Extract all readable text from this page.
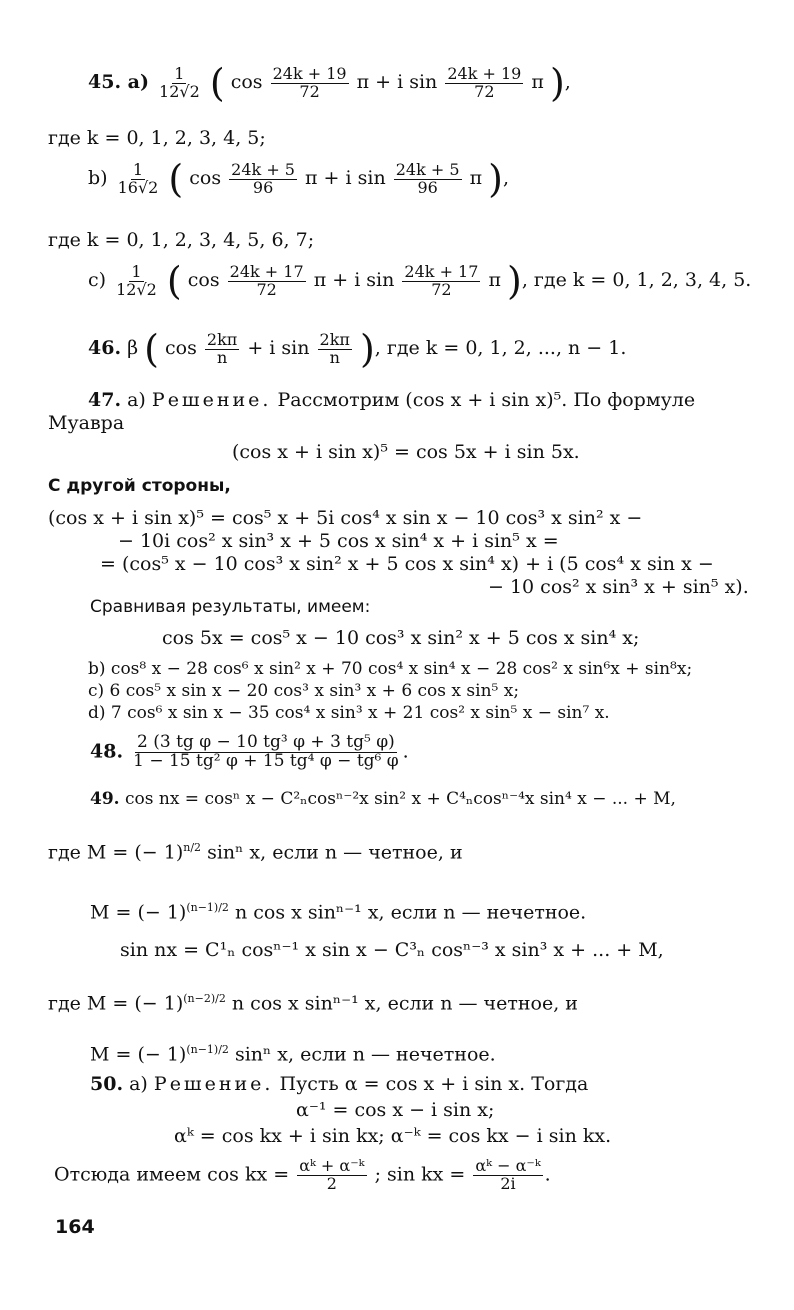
45. $a) \frac{1}{12√2}$ ( $\cos \frac{24k + 19}{72}$ π + i $\sin \frac{24k + 19}{72}$ π ),
где k = 0, 1, 2, 3, 4, 5;
$b) \frac{1}{16√2}$ ( $\cos \frac{24k + 5}{96}$ π + i $\sin \frac{24k + 5}{96}$ π ),
где k = 0, 1, 2, 3, 4, 5, 6, 7;
$c) \frac{1}{12√2}$ ( $\cos \frac{24k + 17}{72}$ π + i $\sin \frac{24k + 17}{72}$ π ), где k = 0, 1, 2, 3, 4, 5.
46. β ( $\cos \frac{2k\pi}{n} + i$ $\sin \frac{2k\pi}{n}$ ), где k = 0, 1, 2, ..., n − 1.
47. a) Решение. Рассмотрим (cos x + i sin x)⁵. По формуле
Муавра
(cos x + i sin x)⁵ = cos 5x + i sin 5x.
С другой стороны,
(cos x + i sin x)⁵ = cos⁵ x + 5i cos⁴ x sin x − 10 cos³ x sin² x −
− 10i cos² x sin³ x + 5 cos x sin⁴ x + i sin⁵ x =
= (cos⁵ x − 10 cos³ x sin² x + 5 cos x sin⁴ x) + i (5 cos⁴ x sin x −
− 10 cos² x sin³ x + sin⁵ x).
Сравнивая результаты, имеем:
cos 5x = cos⁵ x − 10 cos³ x sin² x + 5 cos x sin⁴ x;
b) cos⁸ x − 28 cos⁶ x sin² x + 70 cos⁴ x sin⁴ x − 28 cos² x sin⁶x + sin⁸x;
c) 6 cos⁵ x sin x − 20 cos³ x sin³ x + 6 cos x sin⁵ x;
d) 7 cos⁶ x sin x − 35 cos⁴ x sin³ x + 21 cos² x sin⁵ x − sin⁷ x.
48. $\frac{\text{2 (3 tg φ − 10 tg³ φ + 3 tg⁵ φ)}}{\text{1 − 15 tg² φ + 15 tg⁴ φ − tg⁶ φ}}$ .
49. cos nx = cosⁿ x − C²ₙcosⁿ⁻²x sin² x + C⁴ₙcosⁿ⁻⁴x sin⁴ x − ... + M,
где M = (− 1)$^{n/2}$ sinⁿ x, если n — четное, и
M = (− 1)$^{(n-1)/2}$ n cos x sinⁿ⁻¹ x, если n — нечетное.
sin nx = C¹ₙ cosⁿ⁻¹ x sin x − C³ₙ cosⁿ⁻³ x sin³ x + ... + M,
где M = (− 1)$^{(n-2)/2}$ n cos x sinⁿ⁻¹ x, если n — четное, и
M = (− 1)$^{(n-1)/2}$ sinⁿ x, если n — нечетное.
50. a) Решение. Пусть α = cos x + i sin x. Тогда
α⁻¹ = cos x − i sin x;
αᵏ = cos kx + i sin kx; α⁻ᵏ = cos kx − i sin kx.
Отсюда имеем cos kx = $\frac{\text{αᵏ + α⁻ᵏ}}{2}$ ; sin kx = $\frac{\text{αᵏ − α⁻ᵏ}}{2i}$ .
164
